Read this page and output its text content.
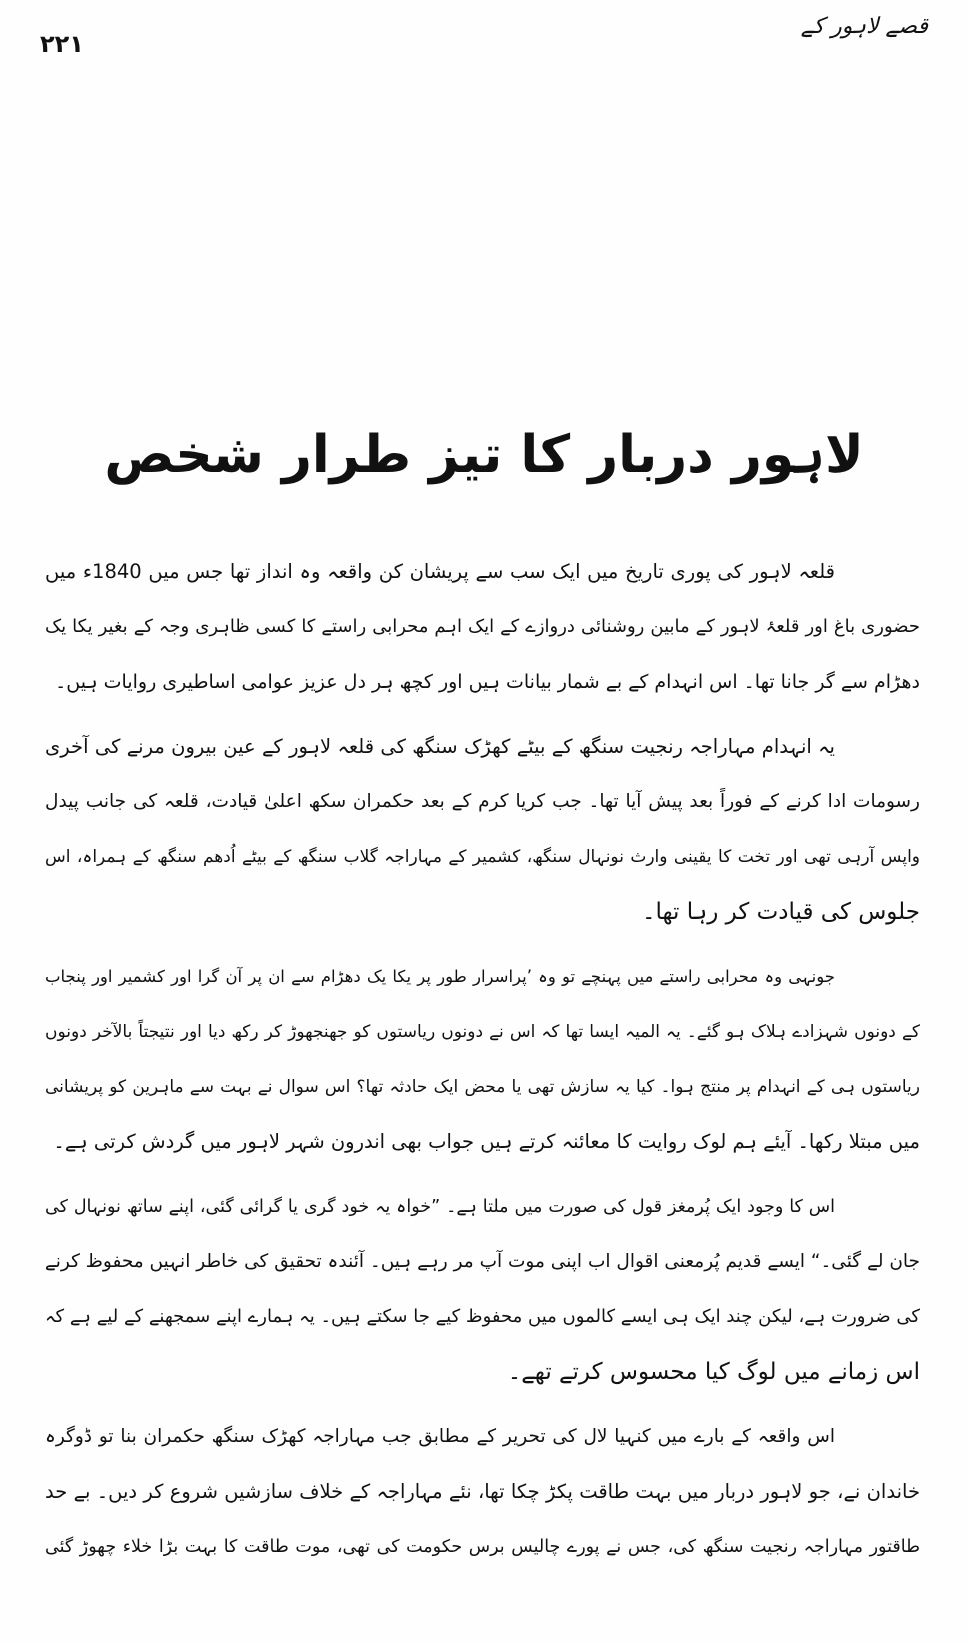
۲۲۱
قصے لاہور کے
لاہور دربار کا تیز طرار شخص
قلعہ لاہور کی پوری تاریخ میں ایک سب سے پریشان کن واقعہ وہ انداز تھا جس میں 1840ء میں
حضوری باغ اور قلعۂ لاہور کے مابین روشنائی دروازے کے ایک اہم محرابی راستے کا کسی ظاہری وجہ کے بغیر یکا یک
دھڑام سے گر جانا تھا۔ اس انہدام کے بے شمار بیانات ہیں اور کچھ ہر دل عزیز عوامی اساطیری روایات ہیں۔
یہ انہدام مہاراجہ رنجیت سنگھ کے بیٹے کھڑک سنگھ کی قلعہ لاہور کے عین بیرون مرنے کی آخری
رسومات ادا کرنے کے فوراً بعد پیش آیا تھا۔ جب کریا کرم کے بعد حکمران سکھ اعلیٰ قیادت، قلعہ کی جانب پیدل
واپس آرہی تھی اور تخت کا یقینی وارث نونہال سنگھ، کشمیر کے مہاراجہ گلاب سنگھ کے بیٹے اُدھم سنگھ کے ہمراہ، اس
جلوس کی قیادت کر رہا تھا۔
جونہی وہ محرابی راستے میں پہنچے تو وہ ’پراسرار طور پر یکا یک دھڑام سے ان پر آن گرا اور کشمیر اور پنجاب
کے دونوں شہزادے ہلاک ہو گئے۔ یہ المیہ ایسا تھا کہ اس نے دونوں ریاستوں کو جھنجھوڑ کر رکھ دیا اور نتیجتاً بالآخر دونوں
ریاستوں ہی کے انہدام پر منتج ہوا۔ کیا یہ سازش تھی یا محض ایک حادثہ تھا؟ اس سوال نے بہت سے ماہرین کو پریشانی
میں مبتلا رکھا۔ آیئے ہم لوک روایت کا معائنہ کرتے ہیں جواب بھی اندرون شہر لاہور میں گردش کرتی ہے۔
اس کا وجود ایک پُرمغز قول کی صورت میں ملتا ہے۔ ”خواہ یہ خود گری یا گرائی گئی، اپنے ساتھ نونہال کی
جان لے گئی۔“ ایسے قدیم پُرمعنی اقوال اب اپنی موت آپ مر رہے ہیں۔ آئندہ تحقیق کی خاطر انہیں محفوظ کرنے
کی ضرورت ہے، لیکن چند ایک ہی ایسے کالموں میں محفوظ کیے جا سکتے ہیں۔ یہ ہمارے اپنے سمجھنے کے لیے ہے کہ
اس زمانے میں لوگ کیا محسوس کرتے تھے۔
اس واقعہ کے بارے میں کنہیا لال کی تحریر کے مطابق جب مہاراجہ کھڑک سنگھ حکمران بنا تو ڈوگرہ
خاندان نے، جو لاہور دربار میں بہت طاقت پکڑ چکا تھا، نئے مہاراجہ کے خلاف سازشیں شروع کر دیں۔ بے حد
طاقتور مہاراجہ رنجیت سنگھ کی، جس نے پورے چالیس برس حکومت کی تھی، موت طاقت کا بہت بڑا خلاء چھوڑ گئی
